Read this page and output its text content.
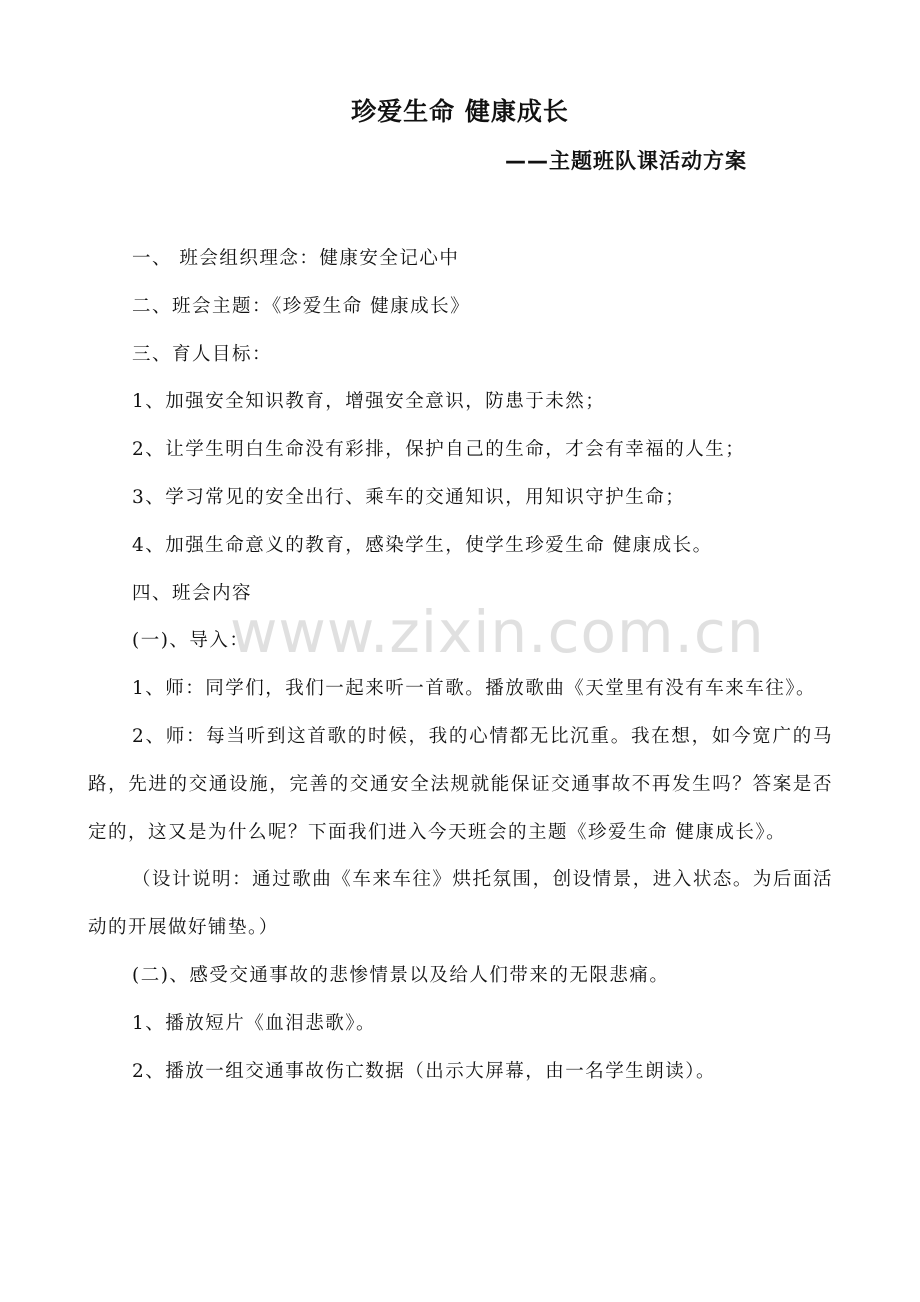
珍爱生命 健康成长
——主题班队课活动方案

一、 班会组织理念：健康安全记心中

二、班会主题：《珍爱生命 健康成长》

三、育人目标：

1、加强安全知识教育，增强安全意识，防患于未然；

2、让学生明白生命没有彩排，保护自己的生命，才会有幸福的人生；

3、学习常见的安全出行、乘车的交通知识，用知识守护生命；

4、加强生命意义的教育，感染学生，使学生珍爱生命 健康成长。

四、班会内容

(一)、导入：

1、师：同学们，我们一起来听一首歌。播放歌曲《天堂里有没有车来车往》。

2、师：每当听到这首歌的时候，我的心情都无比沉重。我在想，如今宽广的马路，先进的交通设施，完善的交通安全法规就能保证交通事故不再发生吗？答案是否定的，这又是为什么呢？下面我们进入今天班会的主题《珍爱生命 健康成长》。

（设计说明：通过歌曲《车来车往》烘托氛围，创设情景，进入状态。为后面活动的开展做好铺垫。）

(二)、感受交通事故的悲惨情景以及给人们带来的无限悲痛。

1、播放短片《血泪悲歌》。

2、播放一组交通事故伤亡数据（出示大屏幕，由一名学生朗读）。

www.zixin.com.cn
